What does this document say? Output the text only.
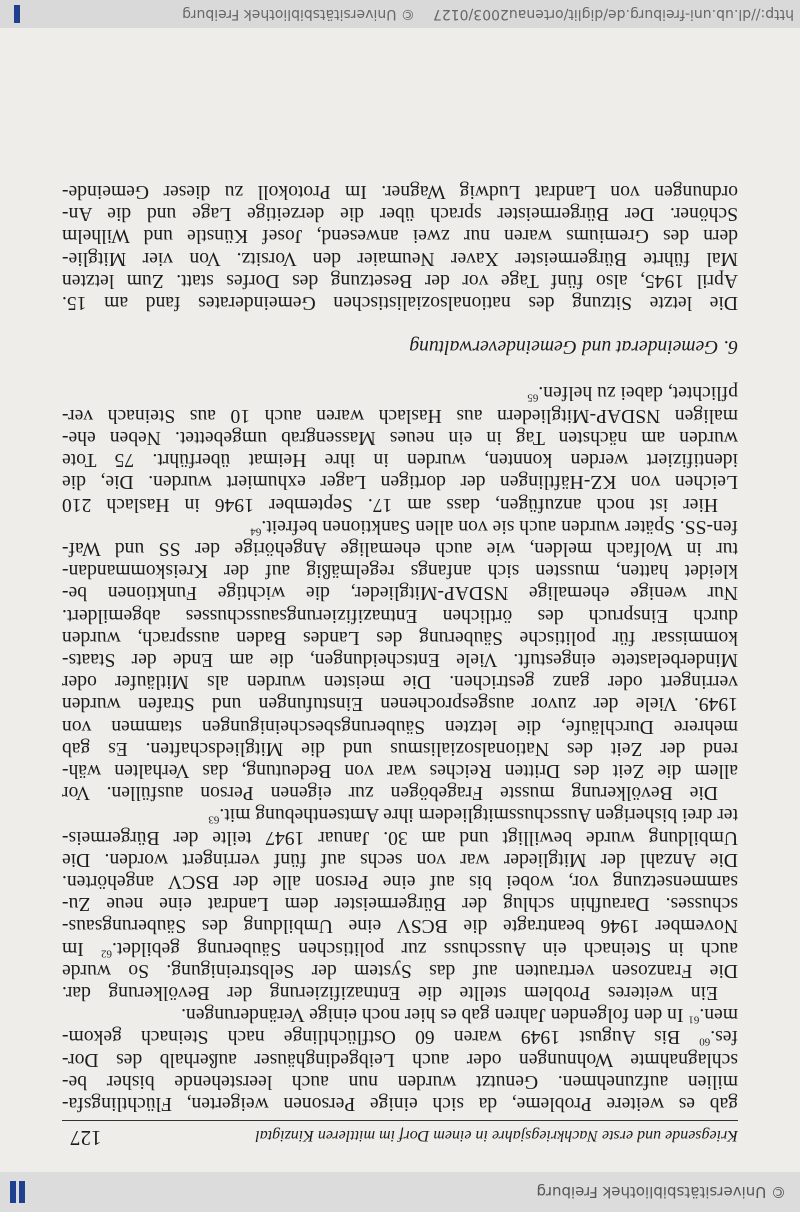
© Universitätsbibliothek Freiburg
Kriegsende und erste Nachkriegsjahre in einem Dorf im mittleren Kinzigtal
127

gab es weitere Probleme, da sich einige Personen weigerten, Flüchtlingsfa-

milien aufzunehmen. Genutzt wurden nun auch leerstehende bisher be-

schlagnahmte Wohnungen oder auch Leibgedinghäuser außerhalb des Dor-

fes.$^{60}$ Bis August 1949 waren 60 Ostflüchtlinge nach Steinach gekom-

men.$^{61}$ In den folgenden Jahren gab es hier noch einige Veränderungen.

Ein weiteres Problem stellte die Entnazifizierung der Bevölkerung dar.

Die Franzosen vertrauten auf das System der Selbstreinigung. So wurde

auch in Steinach ein Ausschuss zur politischen Säuberung gebildet.$^{62}$ Im

November 1946 beantragte die BCSV eine Umbildung des Säuberungsaus-

schusses. Daraufhin schlug der Bürgermeister dem Landrat eine neue Zu-

sammensetzung vor, wobei bis auf eine Person alle der BSCV angehörten.

Die Anzahl der Mitglieder war von sechs auf fünf verringert worden. Die

Umbildung wurde bewilligt und am 30. Januar 1947 teilte der Bürgermeis-

ter drei bisherigen Ausschussmitgliedern ihre Amtsenthebung mit.$^{63}$

Die Bevölkerung musste Fragebögen zur eigenen Person ausfüllen. Vor

allem die Zeit des Dritten Reiches war von Bedeutung, das Verhalten wäh-

rend der Zeit des Nationalsozialismus und die Mitgliedschaften. Es gab

mehrere Durchläufe, die letzten Säuberungsbescheinigungen stammen von

1949. Viele der zuvor ausgesprochenen Einstufungen und Strafen wurden

verringert oder ganz gestrichen. Die meisten wurden als Mitläufer oder

Minderbelastete eingestuft. Viele Entscheidungen, die am Ende der Staats-

kommissar für politische Säuberung des Landes Baden aussprach, wurden

durch Einspruch des örtlichen Entnazifizierungsausschusses abgemildert.

Nur wenige ehemalige NSDAP-Mitglieder, die wichtige Funktionen be-

kleidet hatten, mussten sich anfangs regelmäßig auf der Kreiskommandan-

tur in Wolfach melden, wie auch ehemalige Angehörige der SS und Waf-

fen-SS. Später wurden auch sie von allen Sanktionen befreit.$^{64}$

Hier ist noch anzufügen, dass am 17. September 1946 in Haslach 210

Leichen von KZ-Häftlingen der dortigen Lager exhumiert wurden. Die, die

identifiziert werden konnten, wurden in ihre Heimat überführt. 75 Tote

wurden am nächsten Tag in ein neues Massengrab umgebettet. Neben ehe-

maligen NSDAP-Mitgliedern aus Haslach waren auch 10 aus Steinach ver-

pflichtet, dabei zu helfen.$^{65}$

6. Gemeinderat und Gemeindeverwaltung

Die letzte Sitzung des nationalsozialistischen Gemeinderates fand am 15.

April 1945, also fünf Tage vor der Besetzung des Dorfes statt. Zum letzten

Mal führte Bürgermeister Xaver Neumaier den Vorsitz. Von vier Mitglie-

dern des Gremiums waren nur zwei anwesend, Josef Künstle und Wilhelm

Schöner. Der Bürgermeister sprach über die derzeitige Lage und die An-

ordnungen von Landrat Ludwig Wagner. Im Protokoll zu dieser Gemeinde-

http://dl.ub.uni-freiburg.de/diglit/ortenau2003/0127
© Universitätsbibliothek Freiburg
